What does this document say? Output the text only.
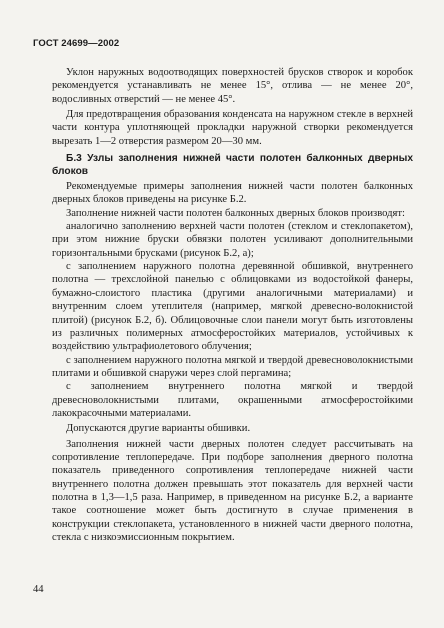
ГОСТ 24699—2002

Уклон наружных водоотводящих поверхностей брусков створок и коробок рекомендуется устанавливать не менее 15°, отлива — не менее 20°, водосливных отверстий — не менее 45°.

Для предотвращения образования конденсата на наружном стекле в верхней части контура уплотняющей прокладки наружной створки рекомендуется вырезать 1—2 отверстия размером 20—30 мм.

Б.3 Узлы заполнения нижней части полотен балконных дверных блоков

Рекомендуемые примеры заполнения нижней части полотен балконных дверных блоков приведены на рисунке Б.2.

Заполнение нижней части полотен балконных дверных блоков производят:

аналогично заполнению верхней части полотен (стеклом и стеклопакетом), при этом нижние бруски обвязки полотен усиливают дополнительными горизонтальными брусками (рисунок Б.2, а);

с заполнением наружного полотна деревянной обшивкой, внутреннего полотна — трехслойной панелью с облицовками из водостойкой фанеры, бумажно-слоистого пластика (другими аналогичными материалами) и внутренним слоем утеплителя (например, мягкой древесно-волокнистой плитой) (рисунок Б.2, б). Облицовочные слои панели могут быть изготовлены из различных полимерных атмосферостойких материалов, устойчивых к воздействию ультрафиолетового облучения;

с заполнением наружного полотна мягкой и твердой древесноволокнистыми плитами и обшивкой снаружи через слой пергамина;

с заполнением внутреннего полотна мягкой и твердой древесноволокнистыми плитами, окрашенными атмосферостойкими лакокрасочными материалами.

Допускаются другие варианты обшивки.

Заполнения нижней части дверных полотен следует рассчитывать на сопротивление теплопередаче. При подборе заполнения дверного полотна показатель приведенного сопротивления теплопередаче нижней части внутреннего полотна должен превышать этот показатель для верхней части полотна в 1,3—1,5 раза. Например, в приведенном на рисунке Б.2, а варианте такое соотношение может быть достигнуто в случае применения в конструкции стеклопакета, установленного в нижней части дверного полотна, стекла с низкоэмиссионным покрытием.

44
